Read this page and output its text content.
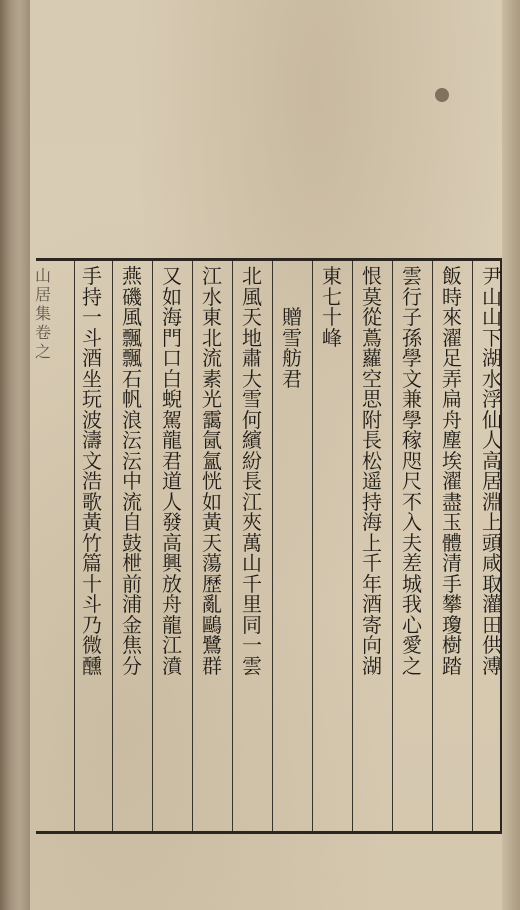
山
居
集
卷
之
尹
山
山
下
湖
水
浮
仙
人
高
居
淵
上
頭
咸
取
灌
田
供
溥
飯
時
來
濯
足
弄
扁
舟
塵
埃
濯
盡
玉
體
清
手
攀
瓊
樹
踏
雲
行
子
孫
學
文
兼
學
稼
咫
尺
不
入
夫
差
城
我
心
愛
之
恨
莫
從
蔦
蘿
空
思
附
長
松
遥
持
海
上
千
年
酒
寄
向
湖
東
七
十
峰
贈
雪
舫
君
北
風
天
地
肅
大
雪
何
繽
紛
長
江
夾
萬
山
千
里
同
一
雲
江
水
東
北
流
素
光
靄
氤
氳
恍
如
黃
天
蕩
歷
亂
鷗
鷺
群
又
如
海
門
口
白
蜺
駕
龍
君
道
人
發
高
興
放
舟
龍
江
濆
燕
磯
風
飄
飄
石
帆
浪
沄
沄
中
流
自
鼓
枻
前
浦
金
焦
分
手
持
一
斗
酒
坐
玩
波
濤
文
浩
歌
黃
竹
篇
十
斗
乃
微
醺
